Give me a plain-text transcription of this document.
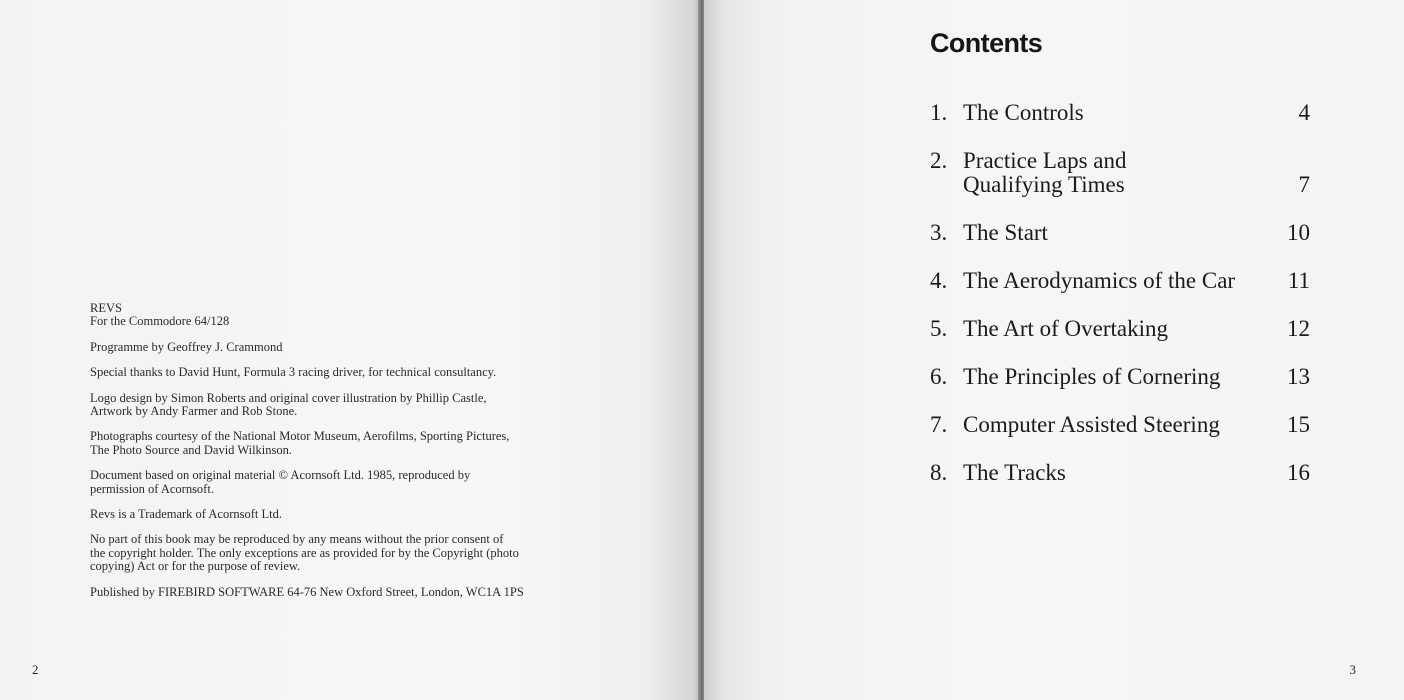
REVS
For the Commodore 64/128

Programme by Geoffrey J. Crammond

Special thanks to David Hunt, Formula 3 racing driver, for technical consultancy.

Logo design by Simon Roberts and original cover illustration by Phillip Castle,
Artwork by Andy Farmer and Rob Stone.

Photographs courtesy of the National Motor Museum, Aerofilms, Sporting Pictures,
The Photo Source and David Wilkinson.

Document based on original material © Acornsoft Ltd. 1985, reproduced by
permission of Acornsoft.

Revs is a Trademark of Acornsoft Ltd.

No part of this book may be reproduced by any means without the prior consent of
the copyright holder. The only exceptions are as provided for by the Copyright (photo
copying) Act or for the purpose of review.

Published by FIREBIRD SOFTWARE 64-76 New Oxford Street, London, WC1A 1PS

2
Contents
1. The Controls	4
2. Practice Laps and
Qualifying Times	7
3. The Start	10
4. The Aerodynamics of the Car	11
5. The Art of Overtaking	12
6. The Principles of Cornering	13
7. Computer Assisted Steering	15
8. The Tracks	16
3
